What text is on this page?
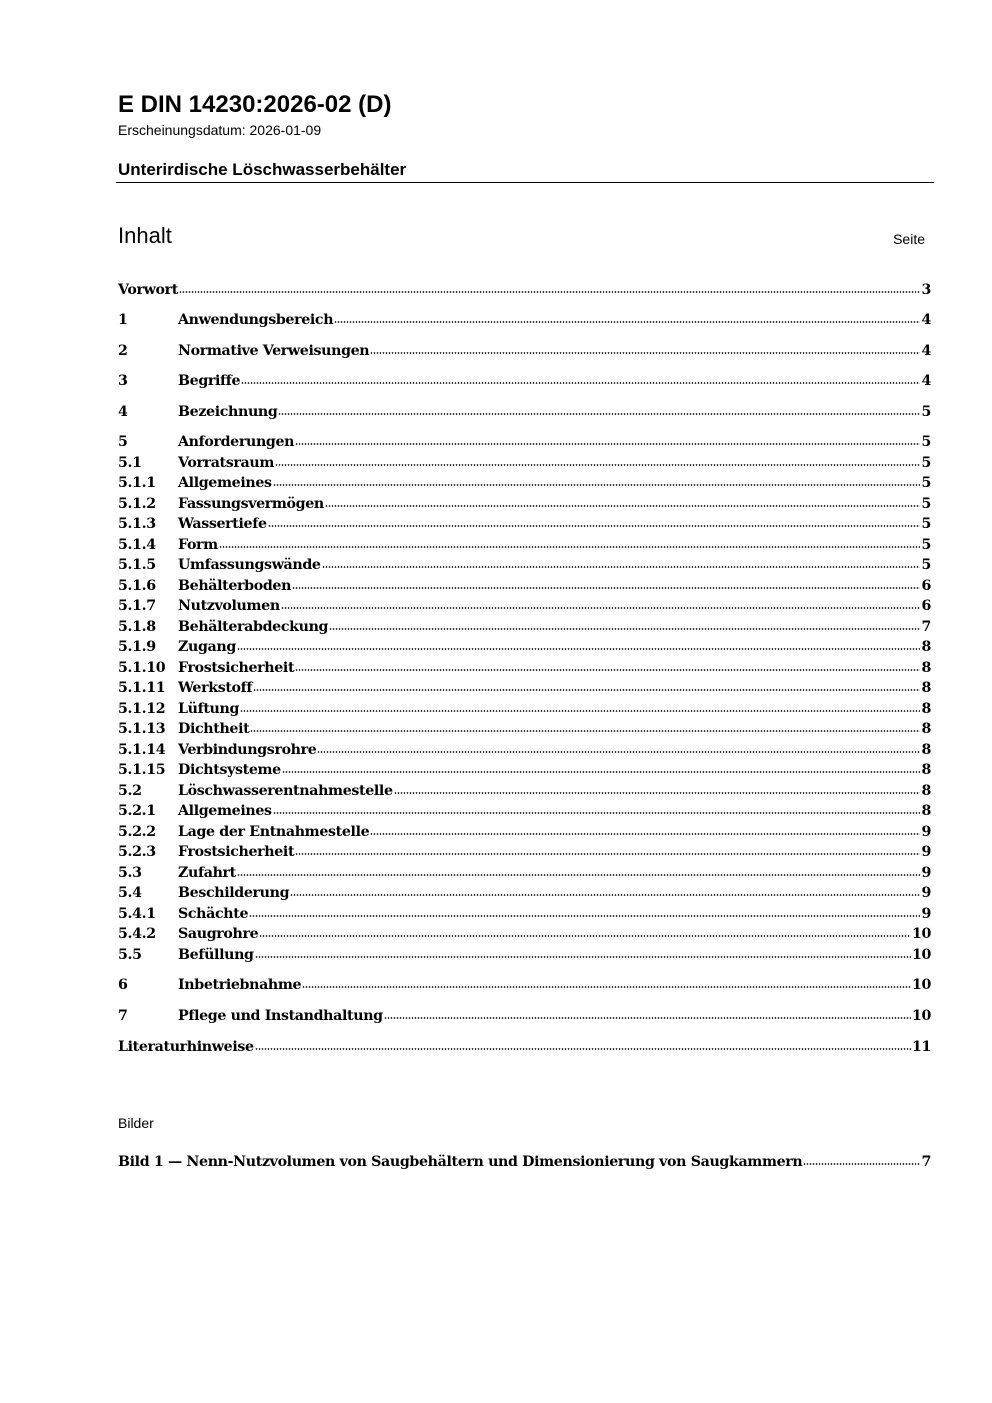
E DIN 14230:2026-02 (D)
Erscheinungsdatum: 2026-01-09
Unterirdische Löschwasserbehälter
Inhalt	Seite
Vorwort	3
1	Anwendungsbereich	4
2	Normative Verweisungen	4
3	Begriffe	4
4	Bezeichnung	5
5	Anforderungen	5
5.1	Vorratsraum	5
5.1.1	Allgemeines	5
5.1.2	Fassungsvermögen	5
5.1.3	Wassertiefe	5
5.1.4	Form	5
5.1.5	Umfassungswände	5
5.1.6	Behälterboden	6
5.1.7	Nutzvolumen	6
5.1.8	Behälterabdeckung	7
5.1.9	Zugang	8
5.1.10 Frostsicherheit	8
5.1.11 Werkstoff	8
5.1.12 Lüftung	8
5.1.13 Dichtheit	8
5.1.14 Verbindungsrohre	8
5.1.15 Dichtsysteme	8
5.2	Löschwasserentnahmestelle	8
5.2.1	Allgemeines	8
5.2.2	Lage der Entnahmestelle	9
5.2.3	Frostsicherheit	9
5.3	Zufahrt	9
5.4	Beschilderung	9
5.4.1	Schächte	9
5.4.2	Saugrohre	10
5.5	Befüllung	10
6	Inbetriebnahme	10
7	Pflege und Instandhaltung	10
Literaturhinweise	11
Bilder
Bild 1 — Nenn-Nutzvolumen von Saugbehältern und Dimensionierung von Saugkammern	7
